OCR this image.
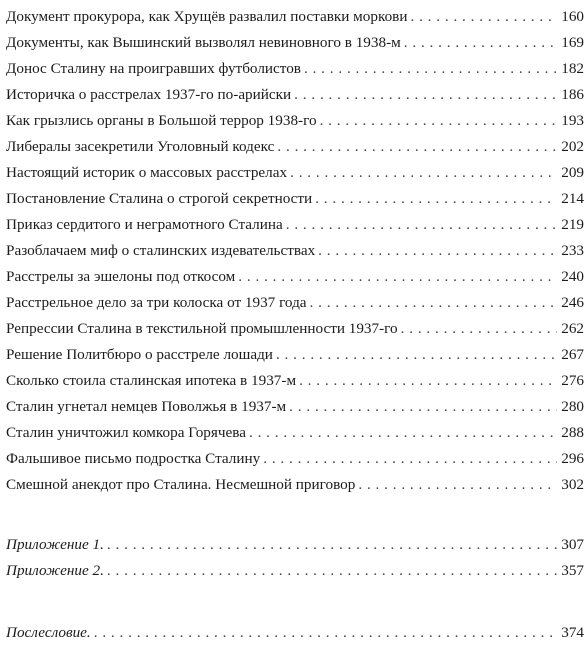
Документ прокурора, как Хрущёв развалил поставки моркови . . .	160
Документы, как Вышинский вызволял невиновного в 1938-м . . .	169
Донос Сталину на проигравших футболистов . . .	182
Историчка о расстрелах 1937-го по-арийски . . .	186
Как грызлись органы в Большой террор 1938-го . . .	193
Либералы засекретили Уголовный кодекс . . .	202
Настоящий историк о массовых расстрелах . . .	209
Постановление Сталина о строгой секретности . . .	214
Приказ сердитого и неграмотного Сталина . . .	219
Разоблачаем миф о сталинских издевательствах . . .	233
Расстрелы за эшелоны под откосом . . .	240
Расстрельное дело за три колоска от 1937 года . . .	246
Репрессии Сталина в текстильной промышленности 1937-го . . .	262
Решение Политбюро о расстреле лошади . . .	267
Сколько стоила сталинская ипотека в 1937-м . . .	276
Сталин угнетал немцев Поволжья в 1937-м . . .	280
Сталин уничтожил комкора Горячева . . .	288
Фальшивое письмо подростка Сталину . . .	296
Смешной анекдот про Сталина. Несмешной приговор . . .	302
Приложение 1. . . .	307
Приложение 2. . . .	357
Послесловие. . . .	374
